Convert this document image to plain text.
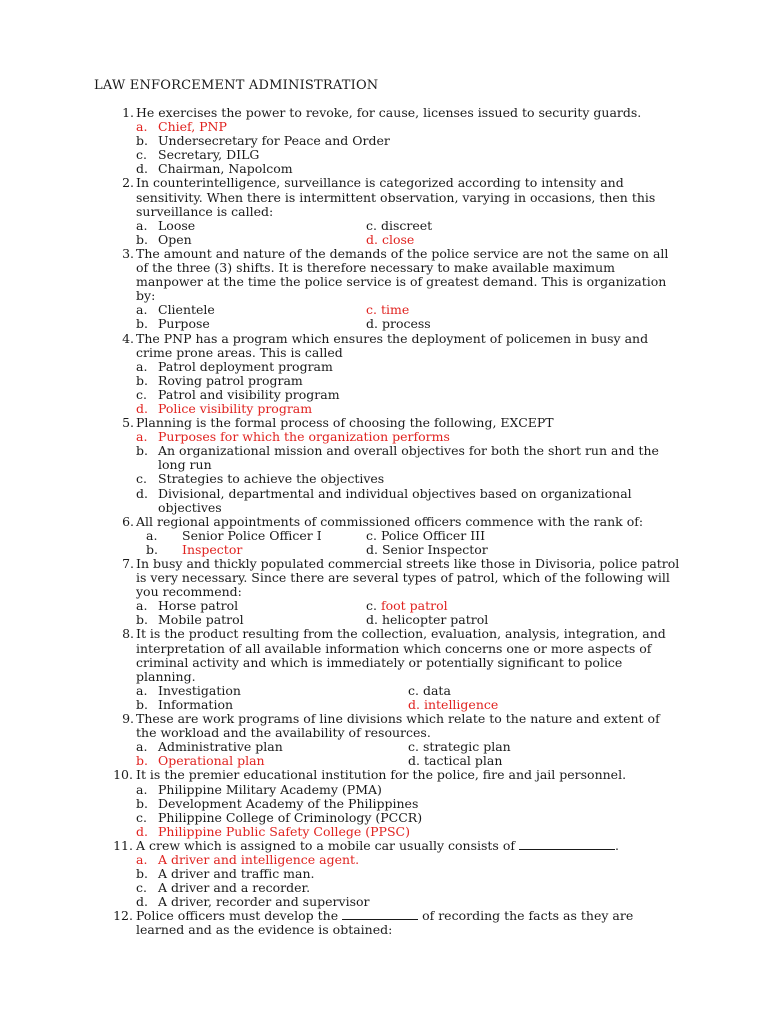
LAW ENFORCEMENT ADMINISTRATION
1. He exercises the power to revoke, for cause, licenses issued to security guards.
a. Chief, PNP
b. Undersecretary for Peace and Order
c. Secretary, DILG
d. Chairman, Napolcom
2. In counterintelligence, surveillance is categorized according to intensity and sensitivity. When there is intermittent observation, varying in occasions, then this surveillance is called:
a. Loose	c. discreet
b. Open	d. close
3. The amount and nature of the demands of the police service are not the same on all of the three (3) shifts. It is therefore necessary to make available maximum manpower at the time the police service is of greatest demand. This is organization by:
a. Clientele	c. time
b. Purpose	d. process
4. The PNP has a program which ensures the deployment of policemen in busy and crime prone areas. This is called
a. Patrol deployment program
b. Roving patrol program
c. Patrol and visibility program
d. Police visibility program
5. Planning is the formal process of choosing the following, EXCEPT
a. Purposes for which the organization performs
b. An organizational mission and overall objectives for both the short run and the long run
c. Strategies to achieve the objectives
d. Divisional, departmental and individual objectives based on organizational objectives
6. All regional appointments of commissioned officers commence with the rank of:
a. Senior Police Officer I	c. Police Officer III
b. Inspector	d. Senior Inspector
7. In busy and thickly populated commercial streets like those in Divisoria, police patrol is very necessary. Since there are several types of patrol, which of the following will you recommend:
a. Horse patrol	c. foot patrol
b. Mobile patrol	d. helicopter patrol
8. It is the product resulting from the collection, evaluation, analysis, integration, and interpretation of all available information which concerns one or more aspects of criminal activity and which is immediately or potentially significant to police planning.
a. Investigation	c. data
b. Information	d. intelligence
9. These are work programs of line divisions which relate to the nature and extent of the workload and the availability of resources.
a. Administrative plan	c. strategic plan
b. Operational plan	d. tactical plan
10. It is the premier educational institution for the police, fire and jail personnel.
a. Philippine Military Academy (PMA)
b. Development Academy of the Philippines
c. Philippine College of Criminology (PCCR)
d. Philippine Public Safety College (PPSC)
11. A crew which is assigned to a mobile car usually consists of	.
a. A driver and intelligence agent.
b. A driver and traffic man.
c. A driver and a recorder.
d. A driver, recorder and supervisor
12. Police officers must develop the	of recording the facts as they are learned and as the evidence is obtained:
